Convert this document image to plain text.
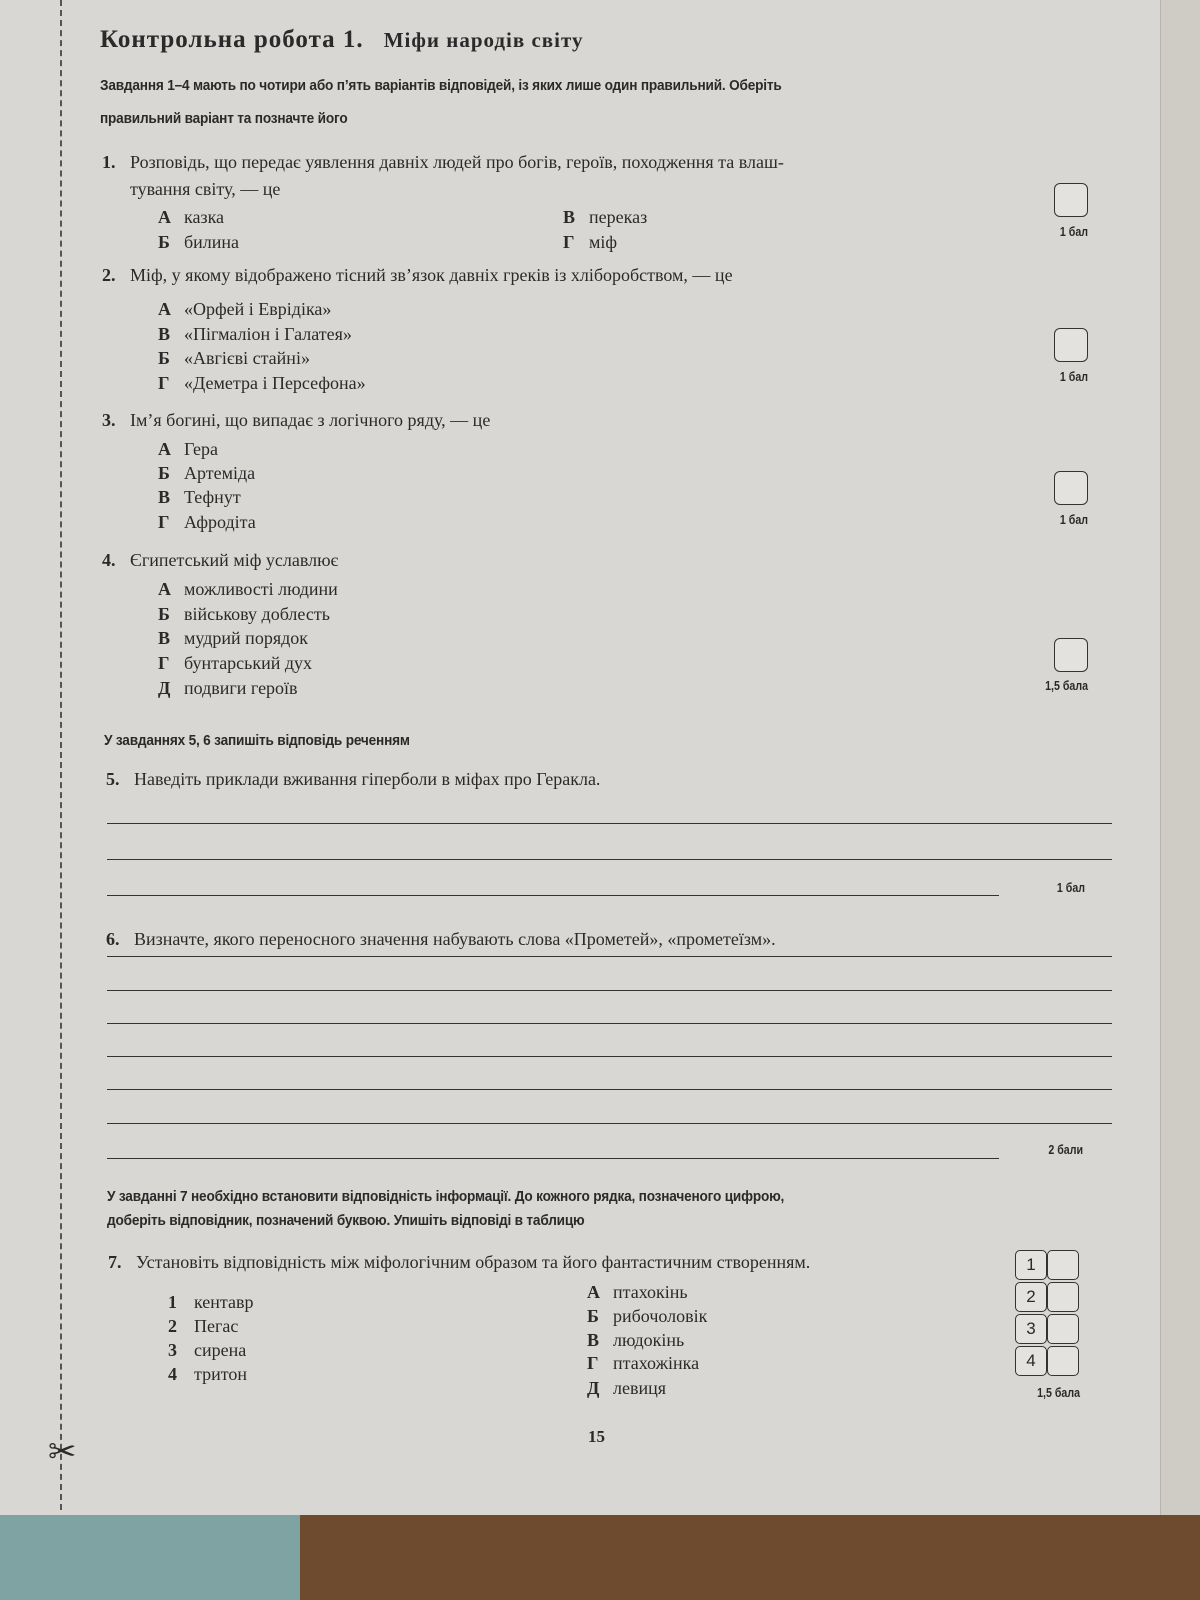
Контрольна робота 1. Міфи народів світу
Завдання 1–4 мають по чотири або п’ять варіантів відповідей, із яких лише один правильний. Оберіть
правильний варіант та позначте його
1. Розповідь, що передає уявлення давніх людей про богів, героїв, походження та влаш-
тування світу, — це
А казка
Б билина
В переказ
Г міф	1 бал
2. Міф, у якому відображено тісний зв’язок давніх греків із хліборобством, — це
А «Орфей і Еврідіка»
В «Пігмаліон і Галатея»
Б «Авгієві стайні»
Г «Деметра і Персефона»	1 бал
3. Ім’я богині, що випадає з логічного ряду, — це
А Гера
Б Артеміда
В Тефнут
Г Афродіта	1 бал
4. Єгипетський міф уславлює
А можливості людини
Б військову доблесть
В мудрий порядок
Г бунтарський дух
Д подвиги героїв	1,5 бала
У завданнях 5, 6 запишіть відповідь реченням
5. Наведіть приклади вживання гіперболи в міфах про Геракла.
1 бал
6. Визначте, якого переносного значення набувають слова «Прометей», «прометеїзм».
2 бали
У завданні 7 необхідно встановити відповідність інформації. До кожного рядка, позначеного цифрою,
доберіть відповідник, позначений буквою. Упишіть відповіді в таблицю
7. Установіть відповідність між міфологічним образом та його фантастичним створенням.
1 кентавр
2 Пегас
3 сирена
4 тритон
А птахокінь
Б рибочоловік
В людокінь
Г птахожінка
Д левиця
1
2
3
4
1,5 бала
15
✂
